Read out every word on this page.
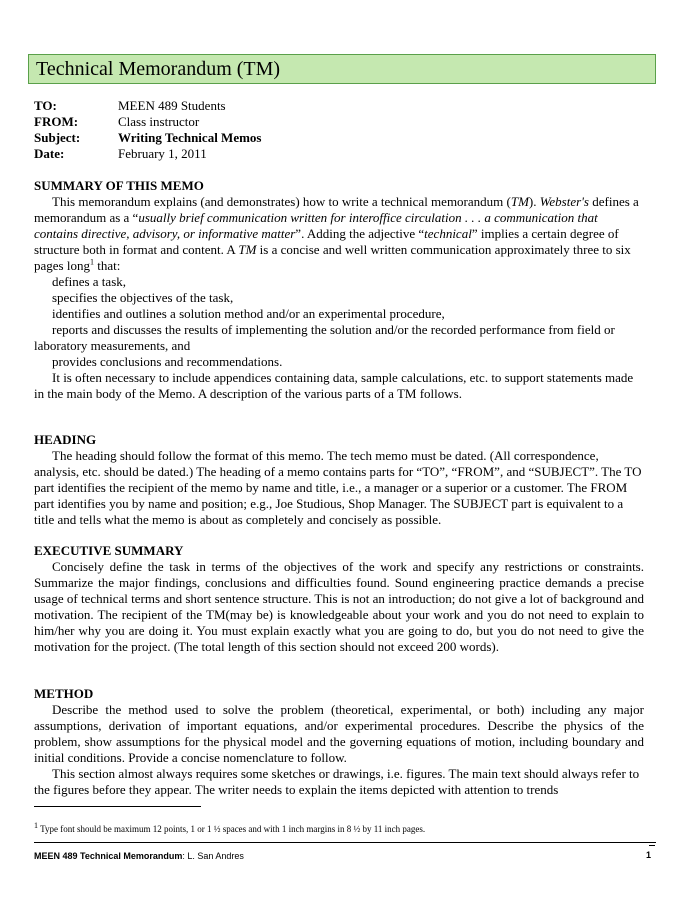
Technical Memorandum (TM)
TO:	MEEN 489 Students
FROM:	Class instructor
Subject:	Writing Technical Memos
Date:	February 1, 2011
SUMMARY OF THIS MEMO

This memorandum explains (and demonstrates) how to write a technical memorandum (TM). Webster's defines a memorandum as a “usually brief communication written for interoffice circulation . . . a communication that contains directive, advisory, or informative matter”. Adding the adjective “technical” implies a certain degree of structure both in format and content. A TM is a concise and well written communication approximately three to six pages long$^1$ that:

defines a task,

specifies the objectives of the task,

identifies and outlines a solution method and/or an experimental procedure,

reports and discusses the results of implementing the solution and/or the recorded performance from field or laboratory measurements, and

provides conclusions and recommendations.

It is often necessary to include appendices containing data, sample calculations, etc. to support statements made in the main body of the Memo. A description of the various parts of a TM follows.

HEADING

The heading should follow the format of this memo. The tech memo must be dated. (All correspondence, analysis, etc. should be dated.) The heading of a memo contains parts for “TO”, “FROM”, and “SUBJECT”. The TO part identifies the recipient of the memo by name and title, i.e., a manager or a superior or a customer. The FROM part identifies you by name and position; e.g., Joe Studious, Shop Manager. The SUBJECT part is equivalent to a title and tells what the memo is about as completely and concisely as possible.

EXECUTIVE SUMMARY

Concisely define the task in terms of the objectives of the work and specify any restrictions or constraints. Summarize the major findings, conclusions and difficulties found. Sound engineering practice demands a precise usage of technical terms and short sentence structure. This is not an introduction; do not give a lot of background and motivation. The recipient of the TM(may be) is knowledgeable about your work and you do not need to explain to him/her why you are doing it. You must explain exactly what you are going to do, but you do not need to give the motivation for the project. (The total length of this section should not exceed 200 words).

METHOD

Describe the method used to solve the problem (theoretical, experimental, or both) including any major assumptions, derivation of important equations, and/or experimental procedures. Describe the physics of the problem, show assumptions for the physical model and the governing equations of motion, including boundary and initial conditions. Provide a concise nomenclature to follow.

This section almost always requires some sketches or drawings, i.e. figures. The main text should always refer to the figures before they appear. The writer needs to explain the items depicted with attention to trends

$^1$ Type font should be maximum 12 points, 1 or 1 ½ spaces and with 1 inch margins in 8 ½ by 11 inch pages.
MEEN 489 Technical Memorandum: L. San Andres	1
